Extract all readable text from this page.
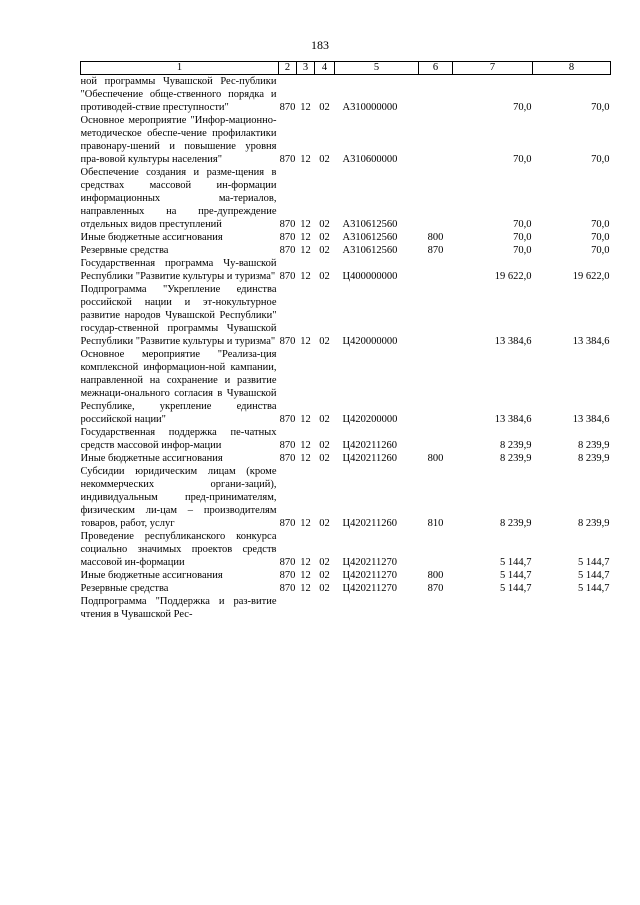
183
1	2	3	4	5	6	7	8
ной программы Чувашской Рес-публики "Обеспечение обще-ственного порядка и противодей-ствие преступности"	870	12	02	А310000000		70,0	70,0
Основное мероприятие "Инфор-мационно-методическое обеспе-чение профилактики правонару-шений и повышение уровня пра-вовой культуры населения"	870	12	02	А310600000		70,0	70,0
Обеспечение создания и разме-щения в средствах массовой ин-формации информационных ма-териалов, направленных на пре-дупреждение отдельных видов преступлений	870	12	02	А310612560		70,0	70,0
Иные бюджетные ассигнования	870	12	02	А310612560	800	70,0	70,0
Резервные средства	870	12	02	А310612560	870	70,0	70,0
Государственная программа Чу-вашской Республики "Развитие культуры и туризма"	870	12	02	Ц400000000		19 622,0	19 622,0
Подпрограмма "Укрепление единства российской нации и эт-нокультурное развитие народов Чувашской Республики" государ-ственной программы Чувашской Республики "Развитие культуры и туризма"	870	12	02	Ц420000000		13 384,6	13 384,6
Основное мероприятие "Реализа-ция комплексной информацион-ной кампании, направленной на сохранение и развитие межнаци-онального согласия в Чувашской Республике, укрепление единства российской нации"	870	12	02	Ц420200000		13 384,6	13 384,6
Государственная поддержка пе-чатных средств массовой инфор-мации	870	12	02	Ц420211260		8 239,9	8 239,9
Иные бюджетные ассигнования	870	12	02	Ц420211260	800	8 239,9	8 239,9
Субсидии юридическим лицам (кроме некоммерческих органи-заций), индивидуальным пред-принимателям, физическим ли-цам – производителям товаров, работ, услуг	870	12	02	Ц420211260	810	8 239,9	8 239,9
Проведение республиканского конкурса социально значимых проектов средств массовой ин-формации	870	12	02	Ц420211270		5 144,7	5 144,7
Иные бюджетные ассигнования	870	12	02	Ц420211270	800	5 144,7	5 144,7
Резервные средства	870	12	02	Ц420211270	870	5 144,7	5 144,7
Подпрограмма "Поддержка и раз-витие чтения в Чувашской Рес-							
